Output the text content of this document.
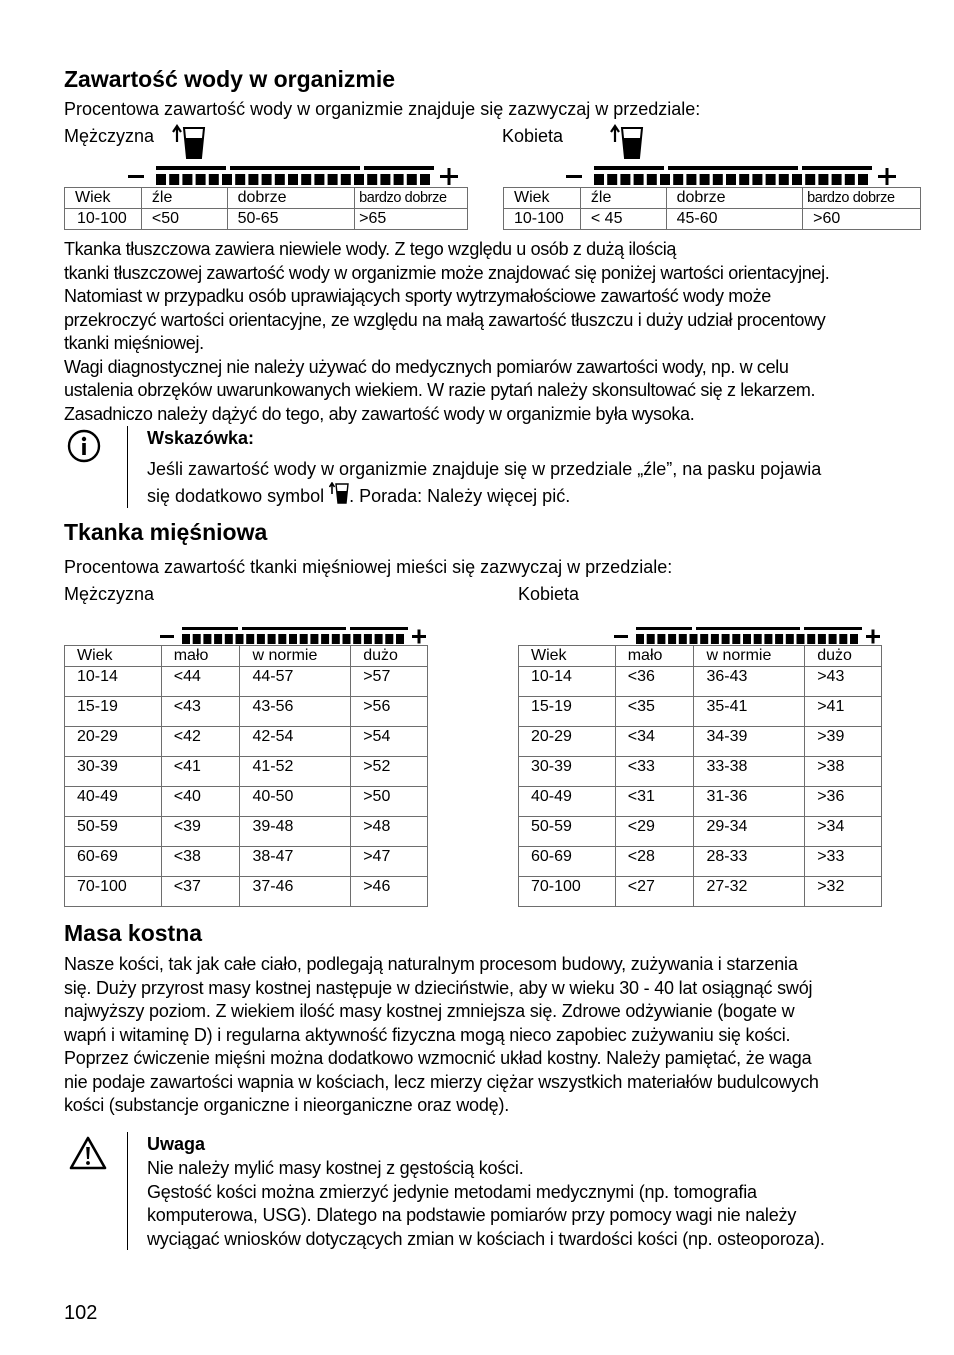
Zawartość wody w organizmie

Procentowa zawartość wody w organizmie znajduje się zazwyczaj w przedziale:

Mężczyzna	Kobieta
Wiek	źle	dobrze	bardzo dobrze
10-100	<50	50-65	>65
Wiek	źle	dobrze	bardzo dobrze
10-100	< 45	45-60	>60

Tkanka tłuszczowa zawiera niewiele wody. Z tego względu u osób z dużą ilością
tkanki tłuszczowej zawartość wody w organizmie może znajdować się poniżej wartości orientacyjnej.
Natomiast w przypadku osób uprawiających sporty wytrzymałościowe zawartość wody może
przekroczyć wartości orientacyjne, ze względu na małą zawartość tłuszczu i duży udział procentowy
tkanki mięśniowej.
Wagi diagnostycznej nie należy używać do medycznych pomiarów zawartości wody, np. w celu
ustalenia obrzęków uwarunkowanych wiekiem. W razie pytań należy skonsultować się z lekarzem.
Zasadniczo należy dążyć do tego, aby zawartość wody w organizmie była wysoka.

Wskazówka:
Jeśli zawartość wody w organizmie znajduje się w przedziale „źle”, na pasku pojawia
się dodatkowo symbol . Porada: Należy więcej pić.
Tkanka mięśniowa

Procentowa zawartość tkanki mięśniowej mieści się zazwyczaj w przedziale:

Mężczyzna	Kobieta
Wiek	mało	w normie	dużo
10-14	<44	44-57	>57
15-19	<43	43-56	>56
20-29	<42	42-54	>54
30-39	<41	41-52	>52
40-49	<40	40-50	>50
50-59	<39	39-48	>48
60-69	<38	38-47	>47
70-100	<37	37-46	>46
Wiek	mało	w normie	dużo
10-14	<36	36-43	>43
15-19	<35	35-41	>41
20-29	<34	34-39	>39
30-39	<33	33-38	>38
40-49	<31	31-36	>36
50-59	<29	29-34	>34
60-69	<28	28-33	>33
70-100	<27	27-32	>32
Masa kostna

Nasze kości, tak jak całe ciało, podlegają naturalnym procesom budowy, zużywania i starzenia
się. Duży przyrost masy kostnej następuje w dzieciństwie, aby w wieku 30 - 40 lat osiągnąć swój
najwyższy poziom. Z wiekiem ilość masy kostnej zmniejsza się. Zdrowe odżywianie (bogate w
wapń i witaminę D) i regularna aktywność fizyczna mogą nieco zapobiec zużywaniu się kości.
Poprzez ćwiczenie mięśni można dodatkowo wzmocnić układ kostny. Należy pamiętać, że waga
nie podaje zawartości wapnia w kościach, lecz mierzy ciężar wszystkich materiałów budulcowych
kości (substancje organiczne i nieorganiczne oraz wodę).

Uwaga
Nie należy mylić masy kostnej z gęstością kości.
Gęstość kości można zmierzyć jedynie metodami medycznymi (np. tomografia
komputerowa, USG). Dlatego na podstawie pomiarów przy pomocy wagi nie należy
wyciągać wniosków dotyczących zmian w kościach i twardości kości (np. osteoporoza).
102
